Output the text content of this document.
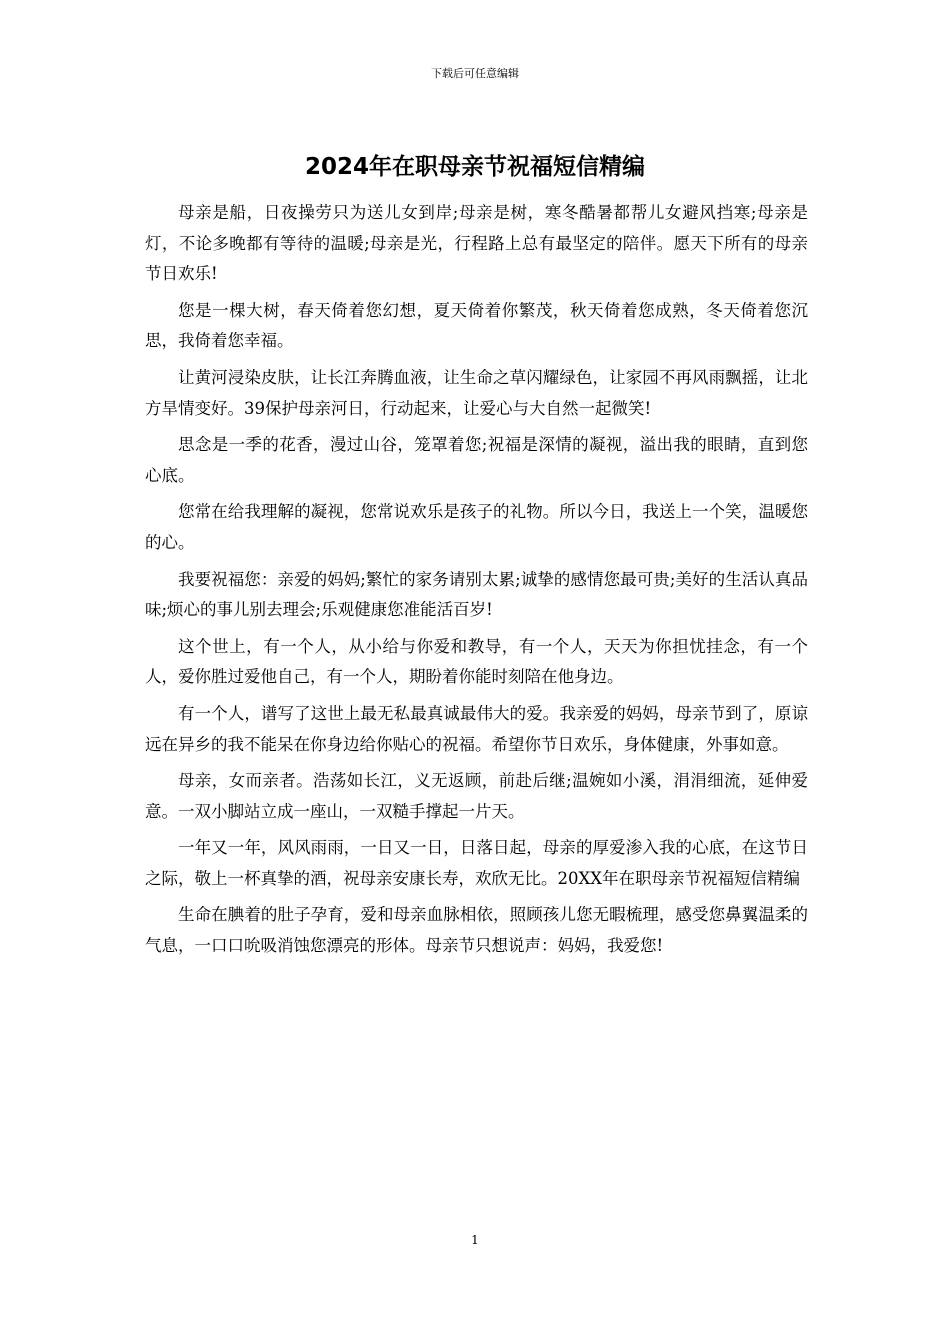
下载后可任意编辑
2024年在职母亲节祝福短信精编

母亲是船，日夜操劳只为送儿女到岸;母亲是树，寒冬酷暑都帮儿女避风挡寒;母亲是灯，不论多晚都有等待的温暖;母亲是光，行程路上总有最坚定的陪伴。愿天下所有的母亲节日欢乐!

您是一棵大树，春天倚着您幻想，夏天倚着你繁茂，秋天倚着您成熟，冬天倚着您沉思，我倚着您幸福。

让黄河浸染皮肤，让长江奔腾血液，让生命之草闪耀绿色，让家园不再风雨飘摇，让北方旱情变好。39保护母亲河日，行动起来，让爱心与大自然一起微笑!

思念是一季的花香，漫过山谷，笼罩着您;祝福是深情的凝视，溢出我的眼睛，直到您心底。

您常在给我理解的凝视，您常说欢乐是孩子的礼物。所以今日，我送上一个笑，温暖您的心。

我要祝福您：亲爱的妈妈;繁忙的家务请别太累;诚挚的感情您最可贵;美好的生活认真品味;烦心的事儿别去理会;乐观健康您准能活百岁!

这个世上，有一个人，从小给与你爱和教导，有一个人，天天为你担忧挂念，有一个人，爱你胜过爱他自己，有一个人，期盼着你能时刻陪在他身边。

有一个人，谱写了这世上最无私最真诚最伟大的爱。我亲爱的妈妈，母亲节到了，原谅远在异乡的我不能呆在你身边给你贴心的祝福。希望你节日欢乐，身体健康，外事如意。

母亲，女而亲者。浩荡如长江，义无返顾，前赴后继;温婉如小溪，涓涓细流，延伸爱意。一双小脚站立成一座山，一双糙手撑起一片天。

一年又一年，风风雨雨，一日又一日，日落日起，母亲的厚爱渗入我的心底，在这节日之际，敬上一杯真挚的酒，祝母亲安康长寿，欢欣无比。20XX年在职母亲节祝福短信精编

生命在腆着的肚子孕育，爱和母亲血脉相依，照顾孩儿您无暇梳理，感受您鼻翼温柔的气息，一口口吮吸消蚀您漂亮的形体。母亲节只想说声：妈妈，我爱您!

1
